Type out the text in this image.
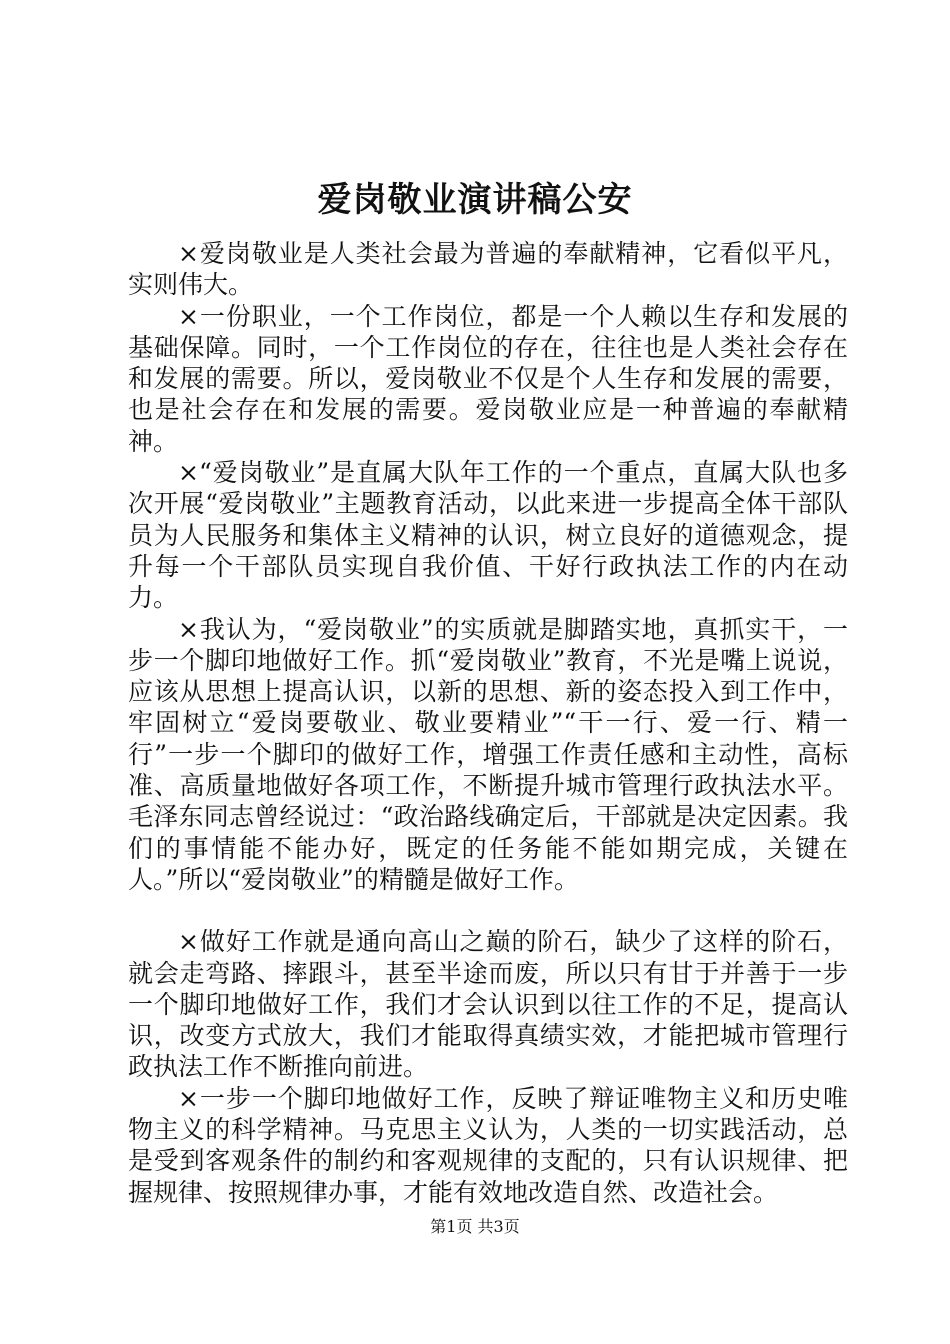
爱岗敬业演讲稿公安

×爱岗敬业是人类社会最为普遍的奉献精神，它看似平凡，实则伟大。

×一份职业，一个工作岗位，都是一个人赖以生存和发展的基础保障。同时，一个工作岗位的存在，往往也是人类社会存在和发展的需要。所以，爱岗敬业不仅是个人生存和发展的需要，也是社会存在和发展的需要。爱岗敬业应是一种普遍的奉献精神。

×“爱岗敬业”是直属大队年工作的一个重点，直属大队也多次开展“爱岗敬业”主题教育活动，以此来进一步提高全体干部队员为人民服务和集体主义精神的认识，树立良好的道德观念，提升每一个干部队员实现自我价值、干好行政执法工作的内在动力。

×我认为，“爱岗敬业”的实质就是脚踏实地，真抓实干，一步一个脚印地做好工作。抓“爱岗敬业”教育，不光是嘴上说说，应该从思想上提高认识，以新的思想、新的姿态投入到工作中，牢固树立“爱岗要敬业、敬业要精业”“干一行、爱一行、精一行”一步一个脚印的做好工作，增强工作责任感和主动性，高标准、高质量地做好各项工作，不断提升城市管理行政执法水平。毛泽东同志曾经说过：“政治路线确定后，干部就是决定因素。我们的事情能不能办好，既定的任务能不能如期完成，关键在人。”所以“爱岗敬业”的精髓是做好工作。

×做好工作就是通向高山之巅的阶石，缺少了这样的阶石，就会走弯路、摔跟斗，甚至半途而废，所以只有甘于并善于一步一个脚印地做好工作，我们才会认识到以往工作的不足，提高认识，改变方式放大，我们才能取得真绩实效，才能把城市管理行政执法工作不断推向前进。

×一步一个脚印地做好工作，反映了辩证唯物主义和历史唯物主义的科学精神。马克思主义认为，人类的一切实践活动，总是受到客观条件的制约和客观规律的支配的，只有认识规律、把握规律、按照规律办事，才能有效地改造自然、改造社会。

第1页 共3页
